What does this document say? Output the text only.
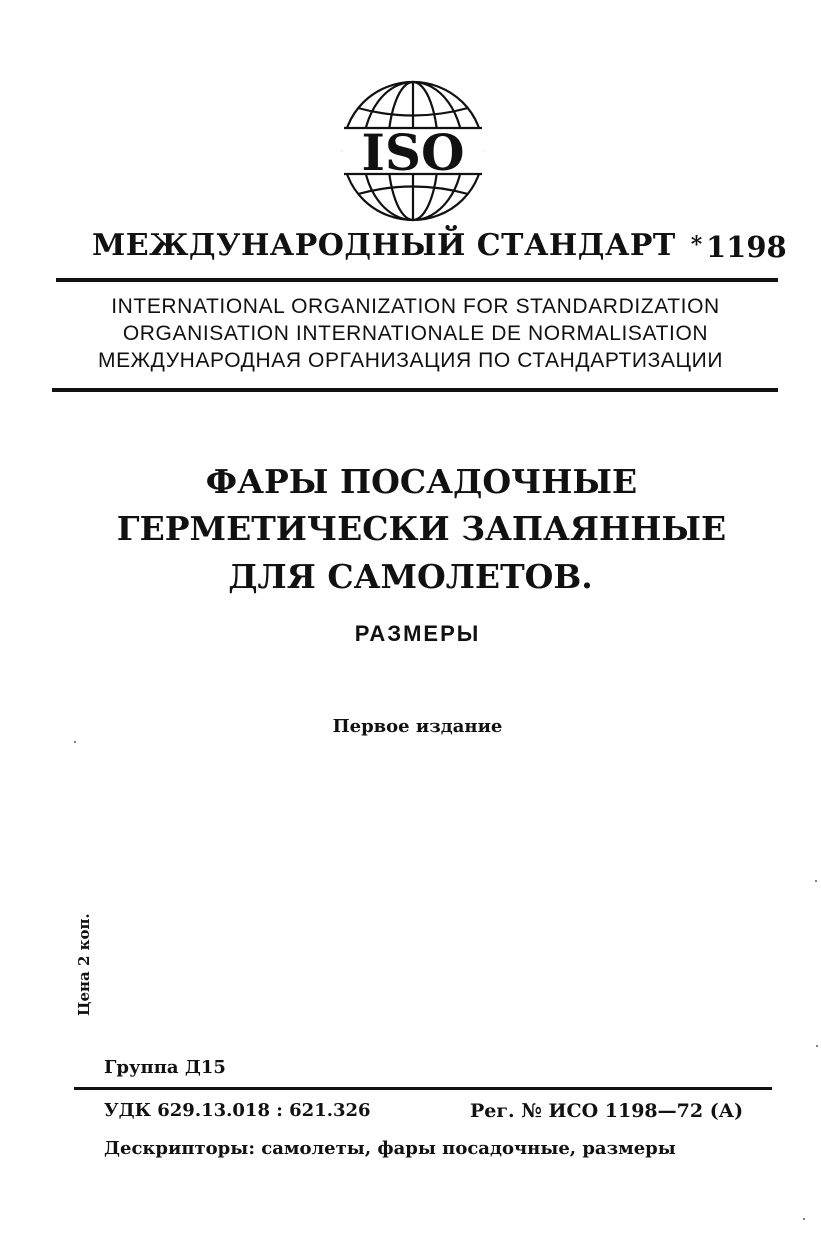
ISO
МЕЖДУНАРОДНЫЙ СТАНДАРТ * 1198
INTERNATIONAL ORGANIZATION FOR STANDARDIZATION
ORGANISATION INTERNATIONALE DE NORMALISATION
МЕЖДУНАРОДНАЯ ОРГАНИЗАЦИЯ ПО СТАНДАРТИЗАЦИИ
ФАРЫ ПОСАДОЧНЫЕ
ГЕРМЕТИЧЕСКИ ЗАПАЯННЫЕ
ДЛЯ САМОЛЕТОВ.
РАЗМЕРЫ
Первое издание
Цена 2 коп.
Группа Д15
УДК 629.13.018 : 621.326	Рег. № ИСО 1198—72 (А)
Дескрипторы: самолеты, фары посадочные, размеры
